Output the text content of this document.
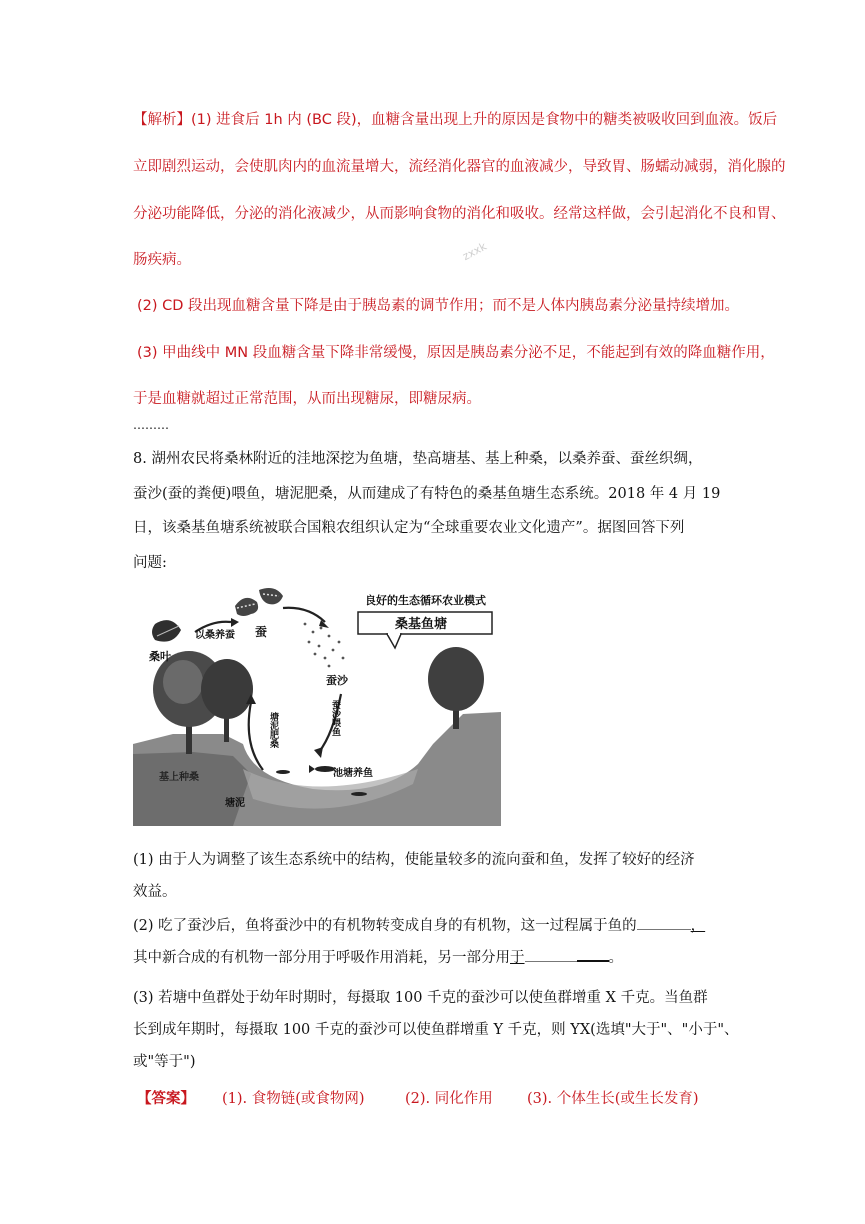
【解析】(1) 进食后 1h 内 (BC 段)，血糖含量出现上升的原因是食物中的糖类被吸收回到血液。饭后
立即剧烈运动，会使肌肉内的血流量增大，流经消化器官的血液减少，导致胃、肠蠕动减弱，消化腺的
分泌功能降低，分泌的消化液减少，从而影响食物的消化和吸收。经常这样做，会引起消化不良和胃、
肠疾病。
(2) CD 段出现血糖含量下降是由于胰岛素的调节作用；而不是人体内胰岛素分泌量持续增加。
(3) 甲曲线中 MN 段血糖含量下降非常缓慢，原因是胰岛素分泌不足，不能起到有效的降血糖作用，
于是血糖就超过正常范围，从而出现糖尿，即糖尿病。
zxxk
………
8. 湖州农民将桑林附近的洼地深挖为鱼塘，垫高塘基、基上种桑，以桑养蚕、蚕丝织绸，
蚕沙(蚕的粪便)喂鱼，塘泥肥桑，从而建成了有特色的桑基鱼塘生态系统。2018 年 4 月 19
日，该桑基鱼塘系统被联合国粮农组织认定为“全球重要农业文化遗产”。据图回答下列
问题:
良好的生态循环农业模式
桑基鱼塘
桑叶
以桑养蚕 蚕
蚕沙
蚕沙喂鱼
塘泥肥桑
基上种桑
塘泥
池塘养鱼
(1) 由于人为调整了该生态系统中的结构，使能量较多的流向蚕和鱼，发挥了较好的经济
效益。
(2) 吃了蚕沙后，鱼将蚕沙中的有机物转变成自身的有机物，这一过程属于鱼的	，
其中新合成的有机物一部分用于呼吸作用消耗，另一部分用于	。
(3) 若塘中鱼群处于幼年时期时，每摄取 100 千克的蚕沙可以使鱼群增重 X 千克。当鱼群
长到成年期时，每摄取 100 千克的蚕沙可以使鱼群增重 Y 千克，则 YX(选填"大于"、"小于"、
或"等于")
【答案】 (1). 食物链(或食物网)	(2). 同化作用 (3). 个体生长(或生长发育)
